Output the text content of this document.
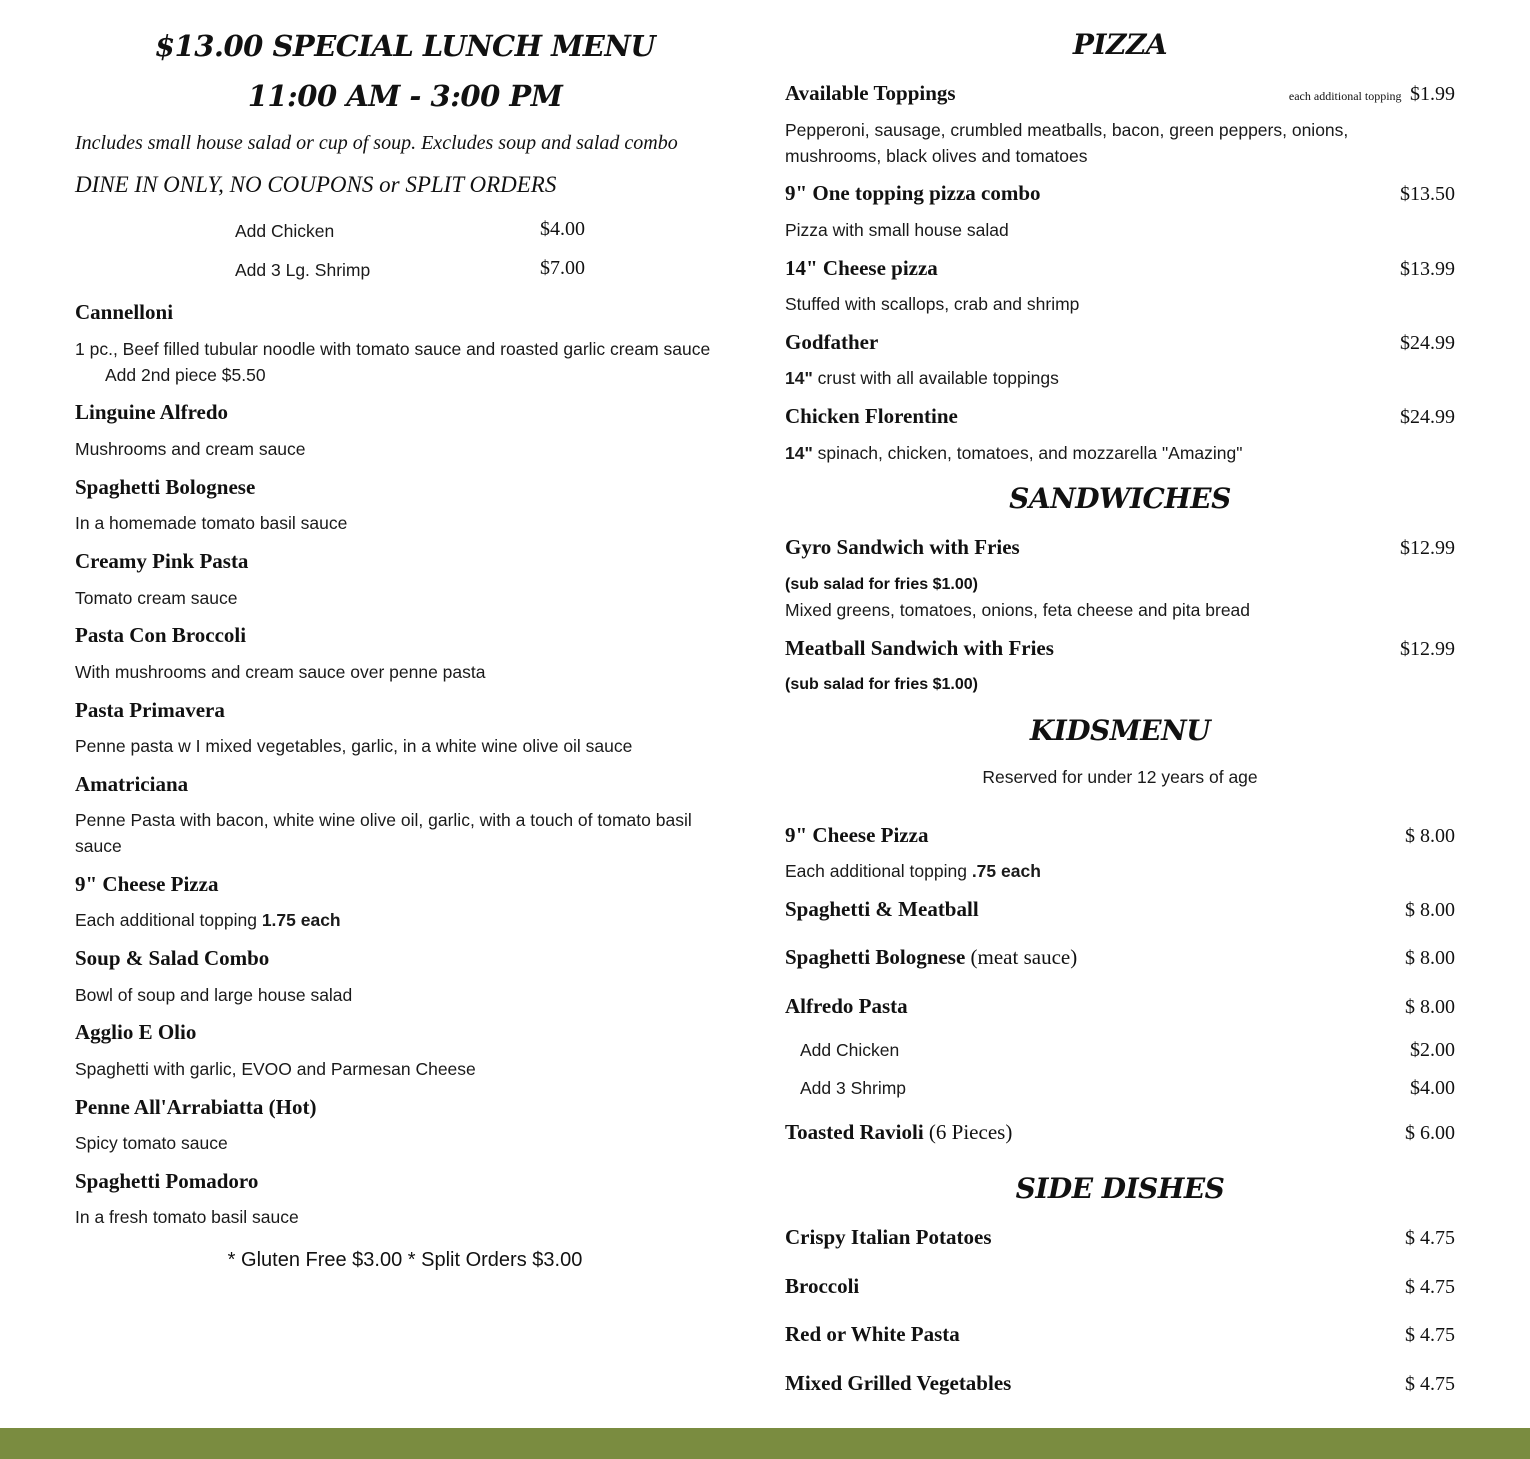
$13.00 SPECIAL LUNCH MENU
11:00 AM - 3:00 PM
Includes small house salad or cup of soup. Excludes soup and salad combo
DINE IN ONLY, NO COUPONS or SPLIT ORDERS
Add Chicken	$4.00
Add 3 Lg. Shrimp	$7.00
Cannelloni
1 pc., Beef filled tubular noodle with tomato sauce and roasted garlic cream sauce
Add 2nd piece $5.50
Linguine Alfredo
Mushrooms and cream sauce
Spaghetti Bolognese
In a homemade tomato basil sauce
Creamy Pink Pasta
Tomato cream sauce
Pasta Con Broccoli
With mushrooms and cream sauce over penne pasta
Pasta Primavera
Penne pasta w I mixed vegetables, garlic, in a white wine olive oil sauce
Amatriciana
Penne Pasta with bacon, white wine olive oil, garlic, with a touch of tomato basil sauce
9" Cheese Pizza
Each additional topping 1.75 each
Soup & Salad Combo
Bowl of soup and large house salad
Agglio E Olio
Spaghetti with garlic, EVOO and Parmesan Cheese
Penne All'Arrabiatta (Hot)
Spicy tomato sauce
Spaghetti Pomadoro
In a fresh tomato basil sauce
* Gluten Free $3.00 * Split Orders $3.00
PIZZA
Available Toppings	each additional topping $1.99
Pepperoni, sausage, crumbled meatballs, bacon, green peppers, onions, mushrooms, black olives and tomatoes
9" One topping pizza combo	$13.50
Pizza with small house salad
14" Cheese pizza	$13.99
Stuffed with scallops, crab and shrimp
Godfather	$24.99
14" crust with all available toppings
Chicken Florentine	$24.99
14" spinach, chicken, tomatoes, and mozzarella "Amazing"
SANDWICHES
Gyro Sandwich with Fries	$12.99
(sub salad for fries $1.00)
Mixed greens, tomatoes, onions, feta cheese and pita bread
Meatball Sandwich with Fries	$12.99
(sub salad for fries $1.00)
KIDSMENU
Reserved for under 12 years of age
9" Cheese Pizza	$ 8.00
Each additional topping .75 each
Spaghetti & Meatball	$ 8.00
Spaghetti Bolognese (meat sauce)	$ 8.00
Alfredo Pasta	$ 8.00
Add Chicken	$2.00
Add 3 Shrimp	$4.00
Toasted Ravioli (6 Pieces)	$ 6.00
SIDE DISHES
Crispy Italian Potatoes	$ 4.75
Broccoli	$ 4.75
Red or White Pasta	$ 4.75
Mixed Grilled Vegetables	$ 4.75
